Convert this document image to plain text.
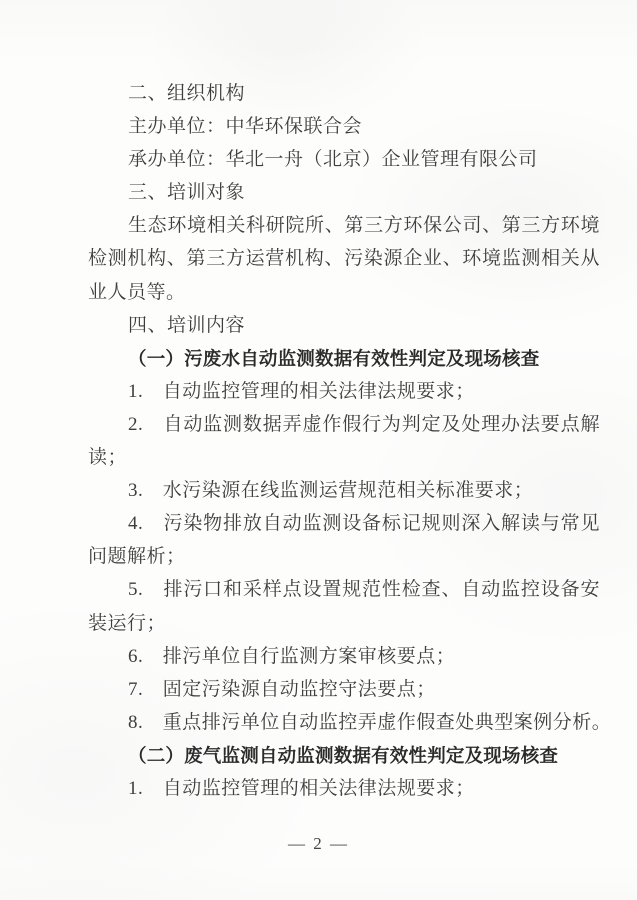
二、组织机构
主办单位：中华环保联合会
承办单位：华北一舟（北京）企业管理有限公司
三、培训对象
生态环境相关科研院所、第三方环保公司、第三方环境
检测机构、第三方运营机构、污染源企业、环境监测相关从
业人员等。
四、培训内容
（一）污废水自动监测数据有效性判定及现场核查
1.　自动监控管理的相关法律法规要求；
2.　自动监测数据弄虚作假行为判定及处理办法要点解
读；
3.　水污染源在线监测运营规范相关标准要求；
4.　污染物排放自动监测设备标记规则深入解读与常见
问题解析；
5.　排污口和采样点设置规范性检查、自动监控设备安
装运行；
6.　排污单位自行监测方案审核要点；
7.　固定污染源自动监控守法要点；
8.　重点排污单位自动监控弄虚作假查处典型案例分析。
（二）废气监测自动监测数据有效性判定及现场核查
1.　自动监控管理的相关法律法规要求；
— 2 —
